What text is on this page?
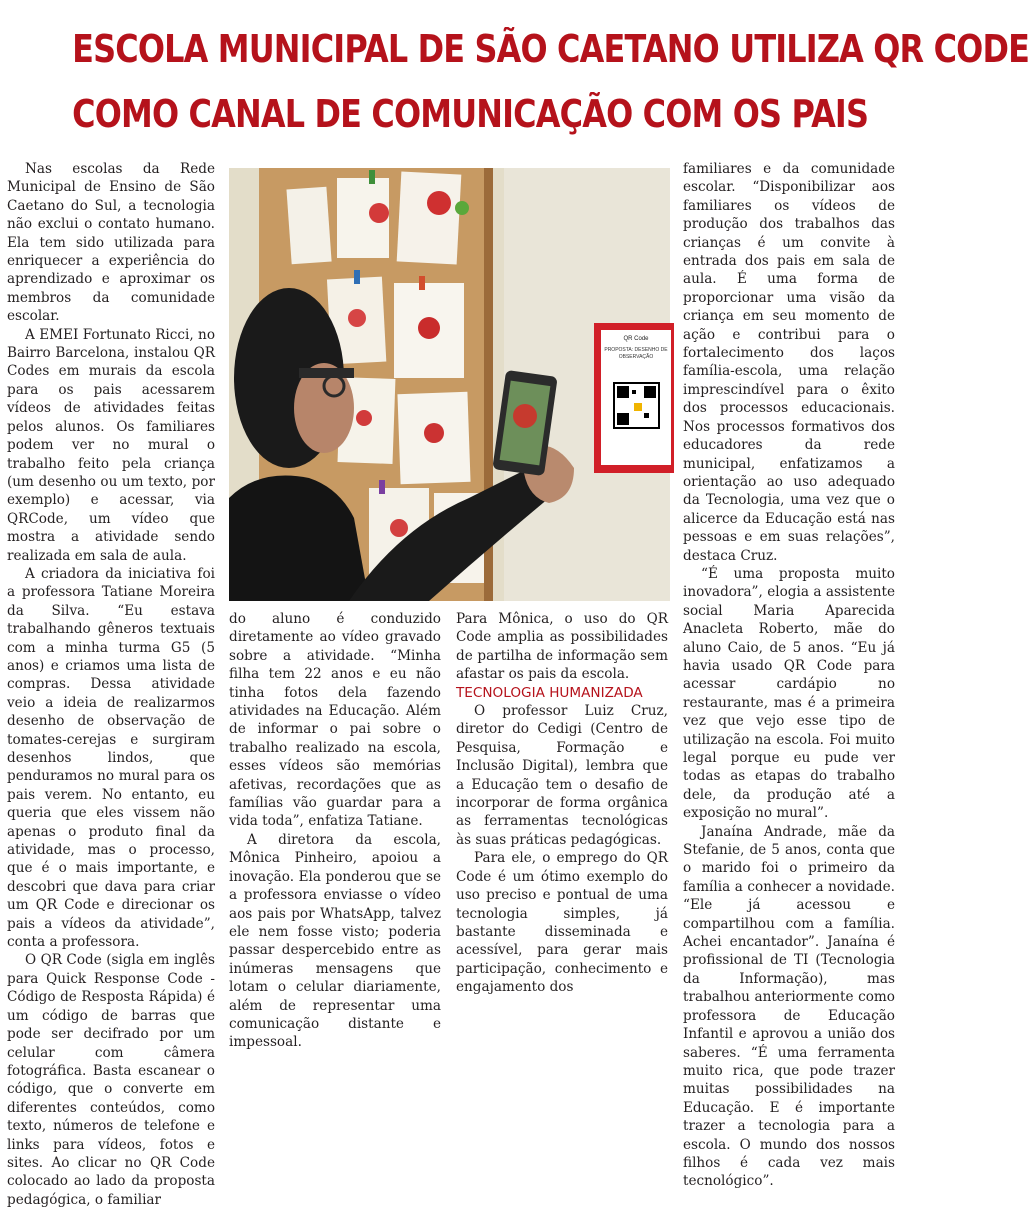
ESCOLA MUNICIPAL DE SÃO CAETANO UTILIZA QR CODE
COMO CANAL DE COMUNICAÇÃO COM OS PAIS

Nas escolas da Rede Municipal de Ensino de São Caetano do Sul, a tecnologia não exclui o contato humano. Ela tem sido utilizada para enriquecer a experiência do aprendizado e aproximar os membros da comunidade escolar.

A EMEI Fortunato Ricci, no Bairro Barcelona, instalou QR Codes em murais da escola para os pais acessarem vídeos de atividades feitas pelos alunos. Os familiares podem ver no mural o trabalho feito pela criança (um desenho ou um texto, por exemplo) e acessar, via QRCode, um vídeo que mostra a atividade sendo realizada em sala de aula.

A criadora da iniciativa foi a professora Tatiane Moreira da Silva. “Eu estava trabalhando gêneros textuais com a minha turma G5 (5 anos) e criamos uma lista de compras. Dessa atividade veio a ideia de realizarmos desenho de observação de tomates-cerejas e surgiram desenhos lindos, que penduramos no mural para os pais verem. No entanto, eu queria que eles vissem não apenas o produto final da atividade, mas o processo, que é o mais importante, e descobri que dava para criar um QR Code e direcionar os pais a vídeos da atividade”, conta a professora.

O QR Code (sigla em inglês para Quick Response Code - Código de Resposta Rápida) é um código de barras que pode ser decifrado por um celular com câmera fotográfica. Basta escanear o código, que o converte em diferentes conteúdos, como texto, números de telefone e links para vídeos, fotos e sites. Ao clicar no QR Code colocado ao lado da proposta pedagógica, o familiar

QR Code
PROPOSTA: DESENHO DE
OBSERVAÇÃO

do aluno é conduzido diretamente ao vídeo gravado sobre a atividade. “Minha filha tem 22 anos e eu não tinha fotos dela fazendo atividades na Educação. Além de informar o pai sobre o trabalho realizado na escola, esses vídeos são memórias afetivas, recordações que as famílias vão guardar para a vida toda”, enfatiza Tatiane.

A diretora da escola, Mônica Pinheiro, apoiou a inovação. Ela ponderou que se a professora enviasse o vídeo aos pais por WhatsApp, talvez ele nem fosse visto; poderia passar despercebido entre as inúmeras mensagens que lotam o celular diariamente, além de representar uma comunicação distante e impessoal.

Para Mônica, o uso do QR Code amplia as possibilidades de partilha de informação sem afastar os pais da escola.

TECNOLOGIA HUMANIZADA

O professor Luiz Cruz, diretor do Cedigi (Centro de Pesquisa, Formação e Inclusão Digital), lembra que a Educação tem o desafio de incorporar de forma orgânica as ferramentas tecnológicas às suas práticas pedagógicas.

Para ele, o emprego do QR Code é um ótimo exemplo do uso preciso e pontual de uma tecnologia simples, já bastante disseminada e acessível, para gerar mais participação, conhecimento e engajamento dos

familiares e da comunidade escolar. “Disponibilizar aos familiares os vídeos de produção dos trabalhos das crianças é um convite à entrada dos pais em sala de aula. É uma forma de proporcionar uma visão da criança em seu momento de ação e contribui para o fortalecimento dos laços família-escola, uma relação imprescindível para o êxito dos processos educacionais. Nos processos formativos dos educadores da rede municipal, enfatizamos a orientação ao uso adequado da Tecnologia, uma vez que o alicerce da Educação está nas pessoas e em suas relações”, destaca Cruz.

“É uma proposta muito inovadora”, elogia a assistente social Maria Aparecida Anacleta Roberto, mãe do aluno Caio, de 5 anos. “Eu já havia usado QR Code para acessar cardápio no restaurante, mas é a primeira vez que vejo esse tipo de utilização na escola. Foi muito legal porque eu pude ver todas as etapas do trabalho dele, da produção até a exposição no mural”.

Janaína Andrade, mãe da Stefanie, de 5 anos, conta que o marido foi o primeiro da família a conhecer a novidade. “Ele já acessou e compartilhou com a família. Achei encantador”. Janaína é profissional de TI (Tecnologia da Informação), mas trabalhou anteriormente como professora de Educação Infantil e aprovou a união dos saberes. “É uma ferramenta muito rica, que pode trazer muitas possibilidades na Educação. E é importante trazer a tecnologia para a escola. O mundo dos nossos filhos é cada vez mais tecnológico”.
